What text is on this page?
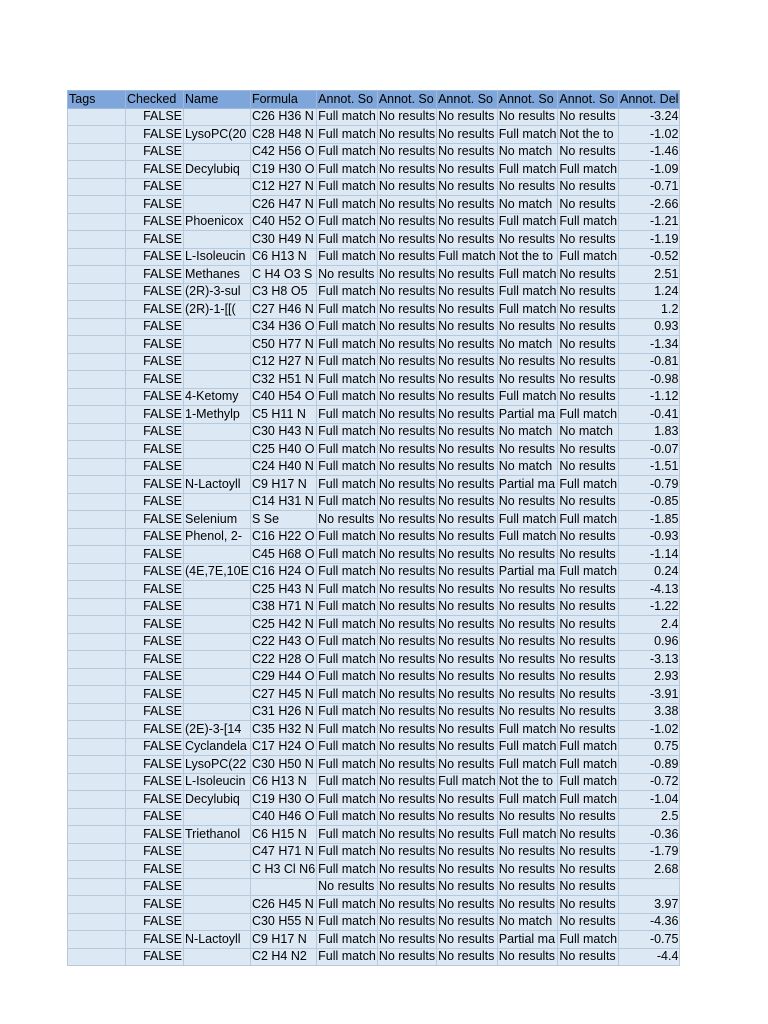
Tags	Checked	Name	Formula	Annot. So	Annot. So	Annot. So	Annot. So	Annot. So	Annot. Del
	FALSE		C26 H36 N	Full match	No results	No results	No results	No results	-3.24
	FALSE	LysoPC(20	C28 H48 N	Full match	No results	No results	Full match	Not the to	-1.02
	FALSE		C42 H56 O	Full match	No results	No results	No match	No results	-1.46
	FALSE	Decylubiq	C19 H30 O	Full match	No results	No results	Full match	Full match	-1.09
	FALSE		C12 H27 N	Full match	No results	No results	No results	No results	-0.71
	FALSE		C26 H47 N	Full match	No results	No results	No match	No results	-2.66
	FALSE	Phoenicox	C40 H52 O	Full match	No results	No results	Full match	Full match	-1.21
	FALSE		C30 H49 N	Full match	No results	No results	No results	No results	-1.19
	FALSE	L-Isoleucin	C6 H13 N	Full match	No results	Full match	Not the to	Full match	-0.52
	FALSE	Methanes	C H4 O3 S	No results	No results	No results	Full match	No results	2.51
	FALSE	(2R)-3-sul	C3 H8 O5	Full match	No results	No results	Full match	No results	1.24
	FALSE	(2R)-1-[[(	C27 H46 N	Full match	No results	No results	Full match	No results	1.2
	FALSE		C34 H36 O	Full match	No results	No results	No results	No results	0.93
	FALSE		C50 H77 N	Full match	No results	No results	No match	No results	-1.34
	FALSE		C12 H27 N	Full match	No results	No results	No results	No results	-0.81
	FALSE		C32 H51 N	Full match	No results	No results	No results	No results	-0.98
	FALSE	4-Ketomy	C40 H54 O	Full match	No results	No results	Full match	No results	-1.12
	FALSE	1-Methylp	C5 H11 N	Full match	No results	No results	Partial ma	Full match	-0.41
	FALSE		C30 H43 N	Full match	No results	No results	No match	No match	1.83
	FALSE		C25 H40 O	Full match	No results	No results	No results	No results	-0.07
	FALSE		C24 H40 N	Full match	No results	No results	No match	No results	-1.51
	FALSE	N-Lactoyll	C9 H17 N	Full match	No results	No results	Partial ma	Full match	-0.79
	FALSE		C14 H31 N	Full match	No results	No results	No results	No results	-0.85
	FALSE	Selenium	S Se	No results	No results	No results	Full match	Full match	-1.85
	FALSE	Phenol, 2-	C16 H22 O	Full match	No results	No results	Full match	No results	-0.93
	FALSE		C45 H68 O	Full match	No results	No results	No results	No results	-1.14
	FALSE	(4E,7E,10E	C16 H24 O	Full match	No results	No results	Partial ma	Full match	0.24
	FALSE		C25 H43 N	Full match	No results	No results	No results	No results	-4.13
	FALSE		C38 H71 N	Full match	No results	No results	No results	No results	-1.22
	FALSE		C25 H42 N	Full match	No results	No results	No results	No results	2.4
	FALSE		C22 H43 O	Full match	No results	No results	No results	No results	0.96
	FALSE		C22 H28 O	Full match	No results	No results	No results	No results	-3.13
	FALSE		C29 H44 O	Full match	No results	No results	No results	No results	2.93
	FALSE		C27 H45 N	Full match	No results	No results	No results	No results	-3.91
	FALSE		C31 H26 N	Full match	No results	No results	No results	No results	3.38
	FALSE	(2E)-3-[14	C35 H32 N	Full match	No results	No results	Full match	No results	-1.02
	FALSE	Cyclandela	C17 H24 O	Full match	No results	No results	Full match	Full match	0.75
	FALSE	LysoPC(22	C30 H50 N	Full match	No results	No results	Full match	Full match	-0.89
	FALSE	L-Isoleucin	C6 H13 N	Full match	No results	Full match	Not the to	Full match	-0.72
	FALSE	Decylubiq	C19 H30 O	Full match	No results	No results	Full match	Full match	-1.04
	FALSE		C40 H46 O	Full match	No results	No results	No results	No results	2.5
	FALSE	Triethanol	C6 H15 N	Full match	No results	No results	Full match	No results	-0.36
	FALSE		C47 H71 N	Full match	No results	No results	No results	No results	-1.79
	FALSE		C H3 Cl N6	Full match	No results	No results	No results	No results	2.68
	FALSE			No results	No results	No results	No results	No results	
	FALSE		C26 H45 N	Full match	No results	No results	No results	No results	3.97
	FALSE		C30 H55 N	Full match	No results	No results	No match	No results	-4.36
	FALSE	N-Lactoyll	C9 H17 N	Full match	No results	No results	Partial ma	Full match	-0.75
	FALSE		C2 H4 N2	Full match	No results	No results	No results	No results	-4.4
